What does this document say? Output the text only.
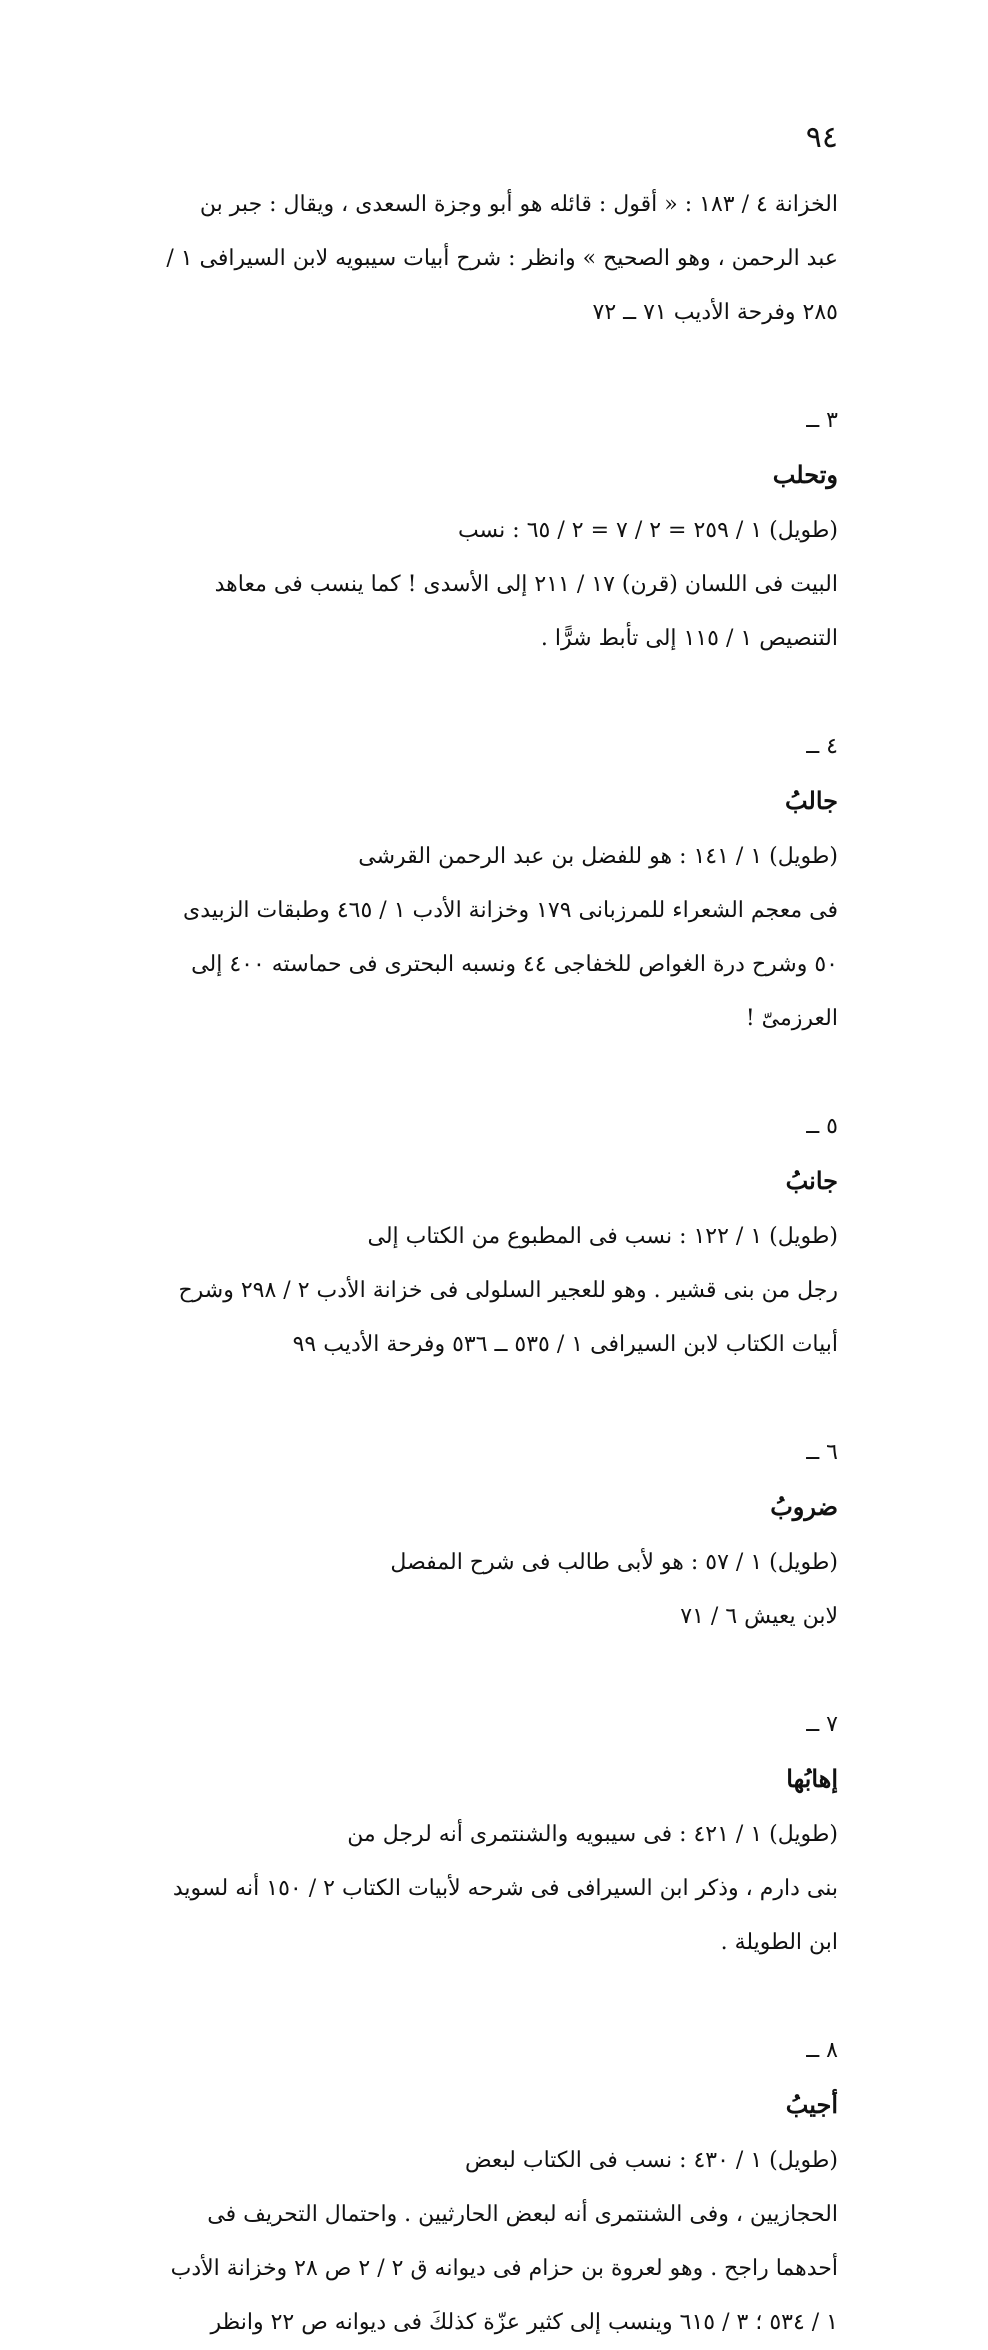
٩٤

الخزانة ٤ / ١٨٣ : « أقول : قائله هو أبو وجزة السعدى ، ويقال : جبر بن
عبد الرحمن ، وهو الصحيح » وانظر : شرح أبيات سيبويه لابن السيرافى ١ /
٢٨٥ وفرحة الأديب ٧١ ــ ٧٢

٣ ــ
وتحلب
(طويل) ١ / ٢٥٩ = ٢ / ٧ = ٢ / ٦٥ : نسب
البيت فى اللسان (قرن) ١٧ / ٢١١ إلى الأسدى ! كما ينسب فى معاهد
التنصيص ١ / ١١٥ إلى تأبط شرًّا .

٤ ــ
جالبُ
(طويل) ١ / ١٤١ : هو للفضل بن عبد الرحمن القرشى
فى معجم الشعراء للمرزبانى ١٧٩ وخزانة الأدب ١ / ٤٦٥ وطبقات الزبيدى
٥٠ وشرح درة الغواص للخفاجى ٤٤ ونسبه البحترى فى حماسته ٤٠٠ إلى
العرزمىّ !

٥ ــ
جانبُ
(طويل) ١ / ١٢٢ : نسب فى المطبوع من الكتاب إلى
رجل من بنى قشير . وهو للعجير السلولى فى خزانة الأدب ٢ / ٢٩٨ وشرح
أبيات الكتاب لابن السيرافى ١ / ٥٣٥ ــ ٥٣٦ وفرحة الأديب ٩٩

٦ ــ
ضروبُ
(طويل) ١ / ٥٧ : هو لأبى طالب فى شرح المفصل
لابن يعيش ٦ / ٧١

٧ ــ
إهابُها
(طويل) ١ / ٤٢١ : فى سيبويه والشنتمرى أنه لرجل من
بنى دارم ، وذكر ابن السيرافى فى شرحه لأبيات الكتاب ٢ / ١٥٠ أنه لسويد
ابن الطويلة .

٨ ــ
أجيبُ
(طويل) ١ / ٤٣٠ : نسب فى الكتاب لبعض
الحجازيين ، وفى الشنتمرى أنه لبعض الحارثيين . واحتمال التحريف فى
أحدهما راجح . وهو لعروة بن حزام فى ديوانه ق ٢ / ٢ ص ٢٨ وخزانة الأدب
١ / ٥٣٤ ؛ ٣ / ٦١٥ وينسب إلى كثير عزّة كذلكَ فى ديوانه ص ٢٢ وانظر
